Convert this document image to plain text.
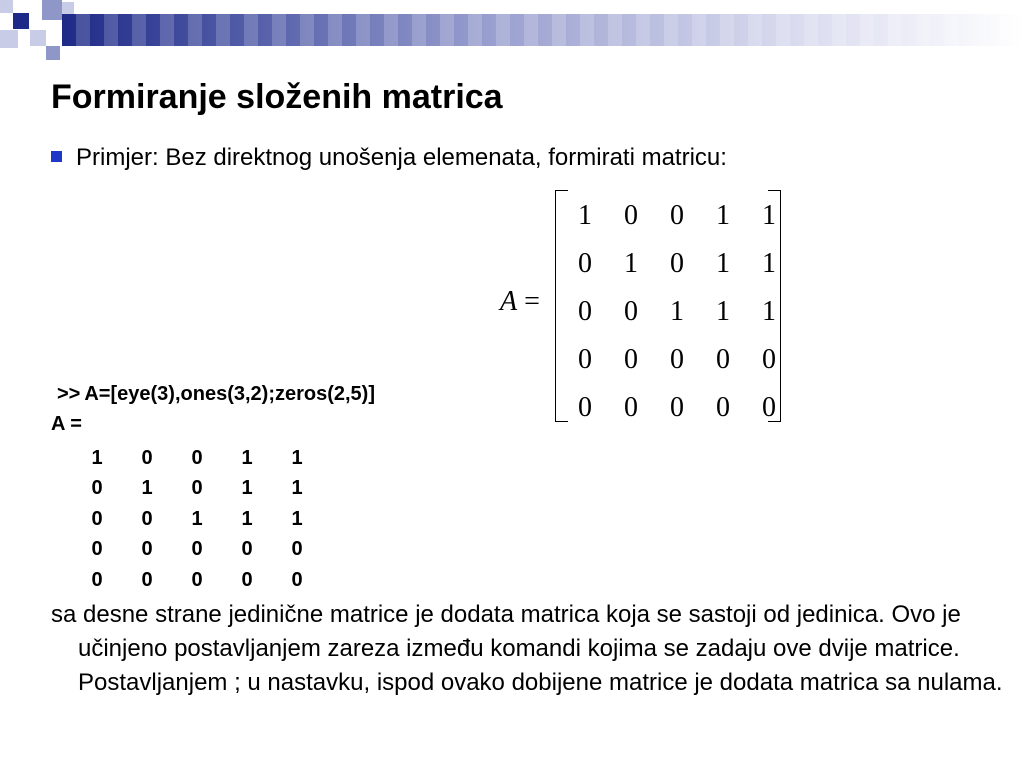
Formiranje složenih matrica
Primjer: Bez direktnog unošenja elemenata, formirati matricu:
A =
1	0	0	1	1
0	1	0	1	1
0	0	1	1	1
0	0	0	0	0
0	0	0	0	0
>> A=[eye(3),ones(3,2);zeros(2,5)]
A =
1	0	0	1	1
0	1	0	1	1
0	0	1	1	1
0	0	0	0	0
0	0	0	0	0

sa desne strane jedinične matrice je dodata matrica koja se sastoji od jedinica. Ovo je učinjeno postavljanjem zareza između komandi kojima se zadaju ove dvije matrice. Postavljanjem ; u nastavku, ispod ovako dobijene matrice je dodata matrica sa nulama.
